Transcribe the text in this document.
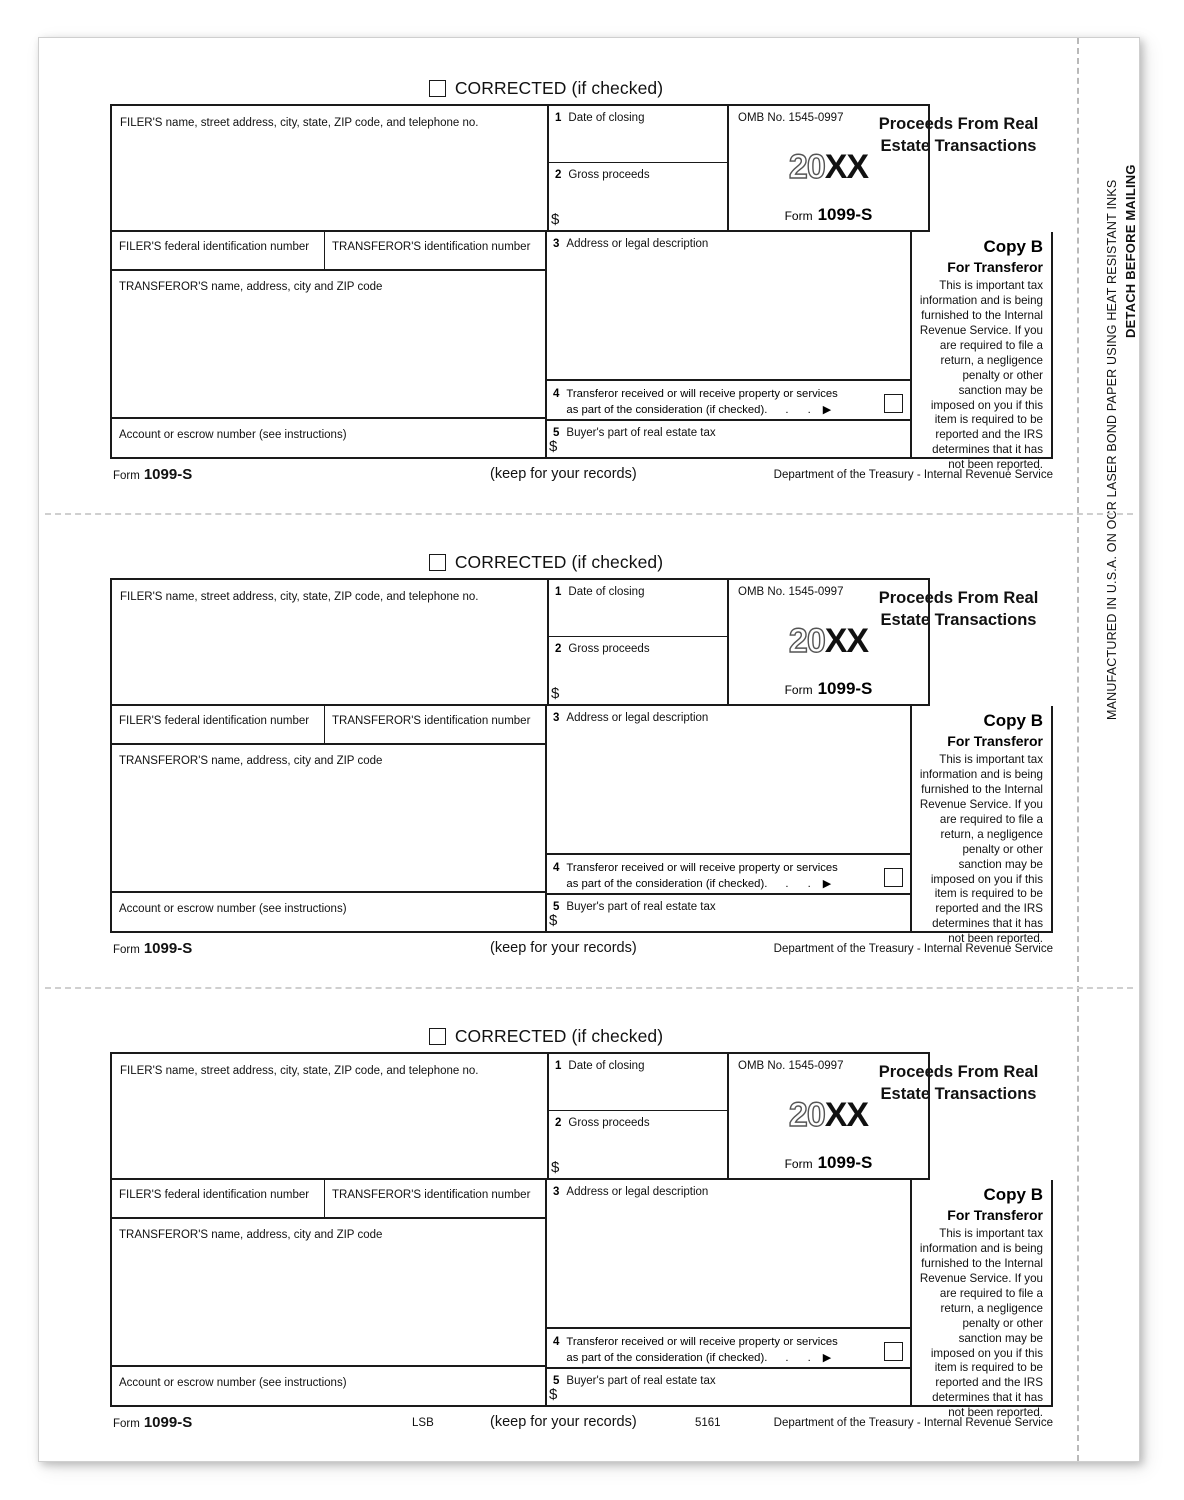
DETACH BEFORE MAILING
MANUFACTURED IN U.S.A. ON OCR LASER BOND PAPER USING HEAT RESISTANT INKS
CORRECTED (if checked)
Proceeds From Real
Estate Transactions
FILER'S name, street address, city, state, ZIP code, and telephone no.	1 Date of closing
2 Gross proceeds
$
OMB No. 1545-0997
20XX
Form 1099-S
FILER'S federal identification number	TRANSFEROR'S identification number
TRANSFEROR'S name, address, city and ZIP code
Account or escrow number (see instructions)
3 Address or legal description
4 Transferor received or will receive property or services
as part of the consideration (if checked). . . ▶
5 Buyer's part of real estate tax
$
Copy B
For Transferor
This is important tax information and is being furnished to the Internal Revenue Service. If you are required to file a return, a negligence penalty or other sanction may be imposed on you if this item is required to be reported and the IRS determines that it has not been reported.
Form 1099-S	(keep for your records)	Department of the Treasury - Internal Revenue Service
CORRECTED (if checked)
Proceeds From Real
Estate Transactions
FILER'S name, street address, city, state, ZIP code, and telephone no.	1 Date of closing
2 Gross proceeds
$
OMB No. 1545-0997
20XX
Form 1099-S
FILER'S federal identification number	TRANSFEROR'S identification number
TRANSFEROR'S name, address, city and ZIP code
Account or escrow number (see instructions)
3 Address or legal description
4 Transferor received or will receive property or services
as part of the consideration (if checked). . . ▶
5 Buyer's part of real estate tax
$
Copy B
For Transferor
This is important tax information and is being furnished to the Internal Revenue Service. If you are required to file a return, a negligence penalty or other sanction may be imposed on you if this item is required to be reported and the IRS determines that it has not been reported.
Form 1099-S	(keep for your records)	Department of the Treasury - Internal Revenue Service
CORRECTED (if checked)
Proceeds From Real
Estate Transactions
FILER'S name, street address, city, state, ZIP code, and telephone no.	1 Date of closing
2 Gross proceeds
$
OMB No. 1545-0997
20XX
Form 1099-S
FILER'S federal identification number	TRANSFEROR'S identification number
TRANSFEROR'S name, address, city and ZIP code
Account or escrow number (see instructions)
3 Address or legal description
4 Transferor received or will receive property or services
as part of the consideration (if checked). . . ▶
5 Buyer's part of real estate tax
$
Copy B
For Transferor
This is important tax information and is being furnished to the Internal Revenue Service. If you are required to file a return, a negligence penalty or other sanction may be imposed on you if this item is required to be reported and the IRS determines that it has not been reported.
Form 1099-S	LSB	(keep for your records)	5161	Department of the Treasury - Internal Revenue Service
